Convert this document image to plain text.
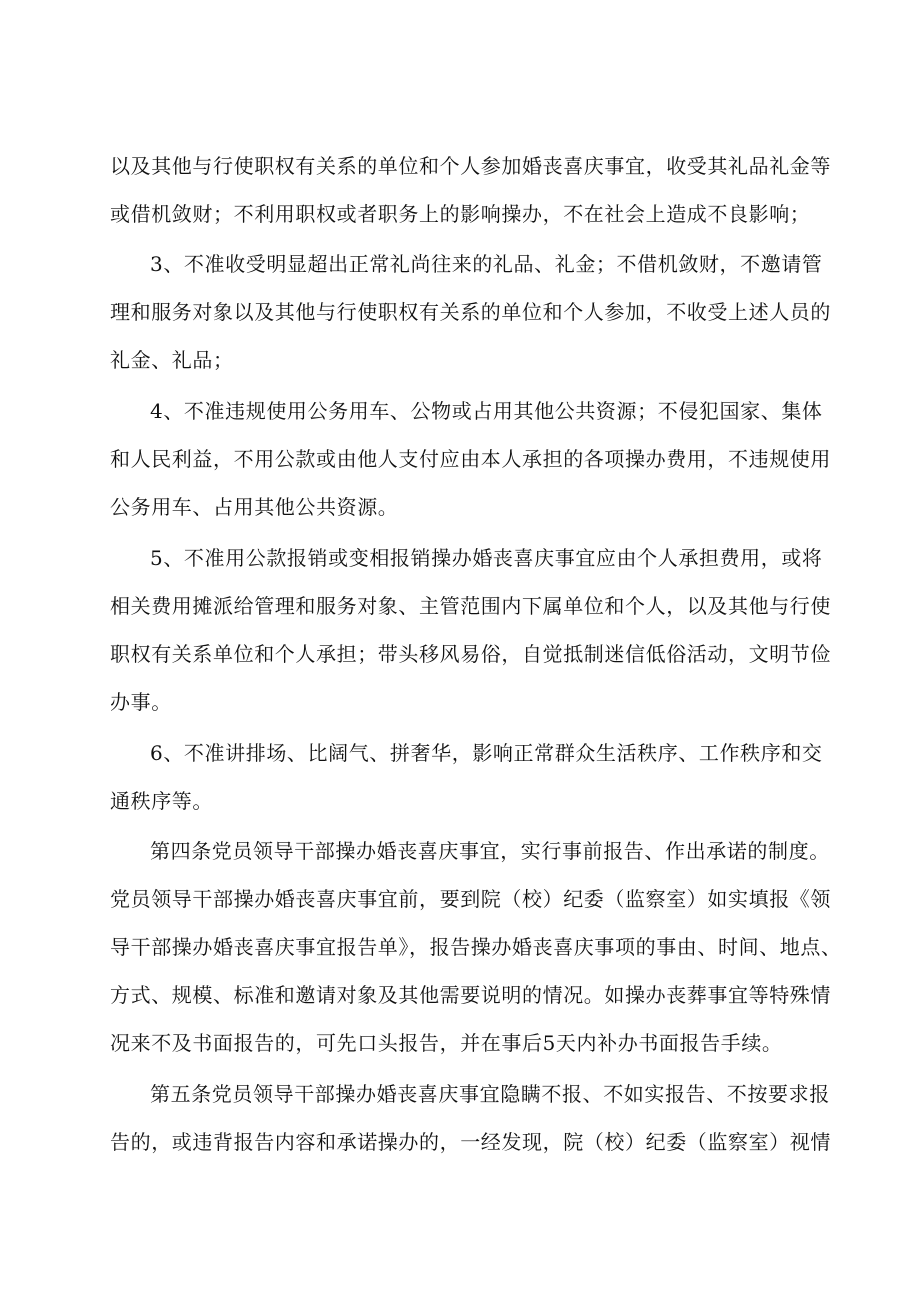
以及其他与行使职权有关系的单位和个人参加婚丧喜庆事宜，收受其礼品礼金等
或借机敛财；不利用职权或者职务上的影响操办，不在社会上造成不良影响；
3、不准收受明显超出正常礼尚往来的礼品、礼金；不借机敛财，不邀请管
理和服务对象以及其他与行使职权有关系的单位和个人参加，不收受上述人员的
礼金、礼品；
4、不准违规使用公务用车、公物或占用其他公共资源；不侵犯国家、集体
和人民利益，不用公款或由他人支付应由本人承担的各项操办费用，不违规使用
公务用车、占用其他公共资源。
5、不准用公款报销或变相报销操办婚丧喜庆事宜应由个人承担费用，或将
相关费用摊派给管理和服务对象、主管范围内下属单位和个人，以及其他与行使
职权有关系单位和个人承担；带头移风易俗，自觉抵制迷信低俗活动，文明节俭
办事。
6、不准讲排场、比阔气、拼奢华，影响正常群众生活秩序、工作秩序和交
通秩序等。
第四条党员领导干部操办婚丧喜庆事宜，实行事前报告、作出承诺的制度。
党员领导干部操办婚丧喜庆事宜前，要到院（校）纪委（监察室）如实填报《领
导干部操办婚丧喜庆事宜报告单》，报告操办婚丧喜庆事项的事由、时间、地点、
方式、规模、标准和邀请对象及其他需要说明的情况。如操办丧葬事宜等特殊情
况来不及书面报告的，可先口头报告，并在事后5天内补办书面报告手续。
第五条党员领导干部操办婚丧喜庆事宜隐瞒不报、不如实报告、不按要求报
告的，或违背报告内容和承诺操办的，一经发现，院（校）纪委（监察室）视情
